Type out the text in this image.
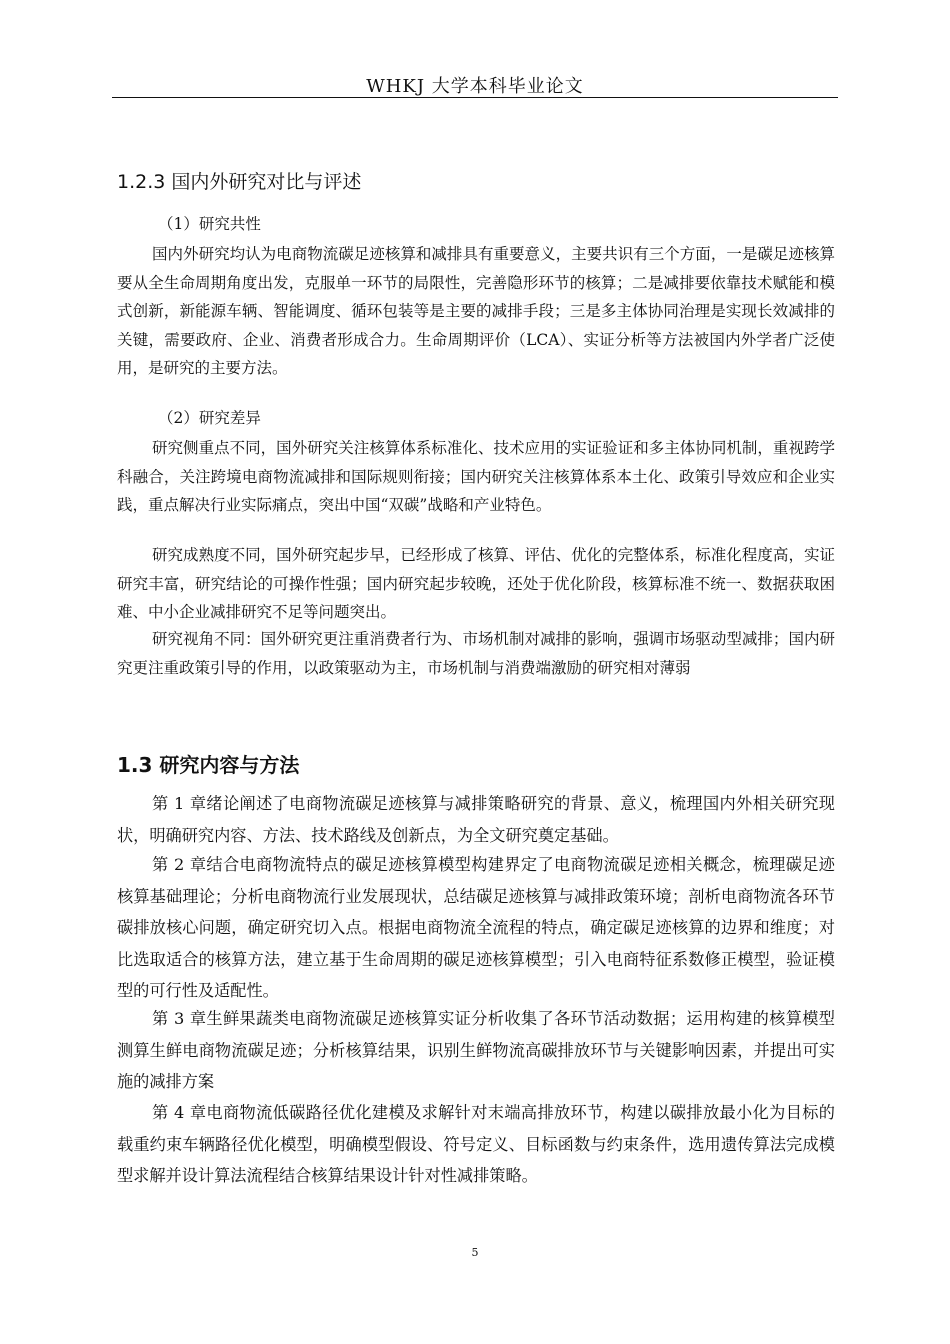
WHKJ 大学本科毕业论文
1.2.3 国内外研究对比与评述
（1）研究共性

国内外研究均认为电商物流碳足迹核算和减排具有重要意义，主要共识有三个方面，一是碳足迹核算要从全生命周期角度出发，克服单一环节的局限性，完善隐形环节的核算；二是减排要依靠技术赋能和模式创新，新能源车辆、智能调度、循环包装等是主要的减排手段；三是多主体协同治理是实现长效减排的关键，需要政府、企业、消费者形成合力。生命周期评价（LCA）、实证分析等方法被国内外学者广泛使用，是研究的主要方法。

（2）研究差异

研究侧重点不同，国外研究关注核算体系标准化、技术应用的实证验证和多主体协同机制，重视跨学科融合，关注跨境电商物流减排和国际规则衔接；国内研究关注核算体系本土化、政策引导效应和企业实践，重点解决行业实际痛点，突出中国“双碳”战略和产业特色。

研究成熟度不同，国外研究起步早，已经形成了核算、评估、优化的完整体系，标准化程度高，实证研究丰富，研究结论的可操作性强；国内研究起步较晚，还处于优化阶段，核算标准不统一、数据获取困难、中小企业减排研究不足等问题突出。

研究视角不同：国外研究更注重消费者行为、市场机制对减排的影响，强调市场驱动型减排；国内研究更注重政策引导的作用，以政策驱动为主，市场机制与消费端激励的研究相对薄弱

1.3 研究内容与方法

第 1 章绪论阐述了电商物流碳足迹核算与减排策略研究的背景、意义，梳理国内外相关研究现状，明确研究内容、方法、技术路线及创新点，为全文研究奠定基础。

第 2 章结合电商物流特点的碳足迹核算模型构建界定了电商物流碳足迹相关概念，梳理碳足迹核算基础理论；分析电商物流行业发展现状，总结碳足迹核算与减排政策环境；剖析电商物流各环节碳排放核心问题，确定研究切入点。根据电商物流全流程的特点，确定碳足迹核算的边界和维度；对比选取适合的核算方法，建立基于生命周期的碳足迹核算模型；引入电商特征系数修正模型，验证模型的可行性及适配性。

第 3 章生鲜果蔬类电商物流碳足迹核算实证分析收集了各环节活动数据；运用构建的核算模型测算生鲜电商物流碳足迹；分析核算结果，识别生鲜物流高碳排放环节与关键影响因素，并提出可实施的减排方案

第 4 章电商物流低碳路径优化建模及求解针对末端高排放环节，构建以碳排放最小化为目标的载重约束车辆路径优化模型，明确模型假设、符号定义、目标函数与约束条件，选用遗传算法完成模型求解并设计算法流程结合核算结果设计针对性减排策略。

5
